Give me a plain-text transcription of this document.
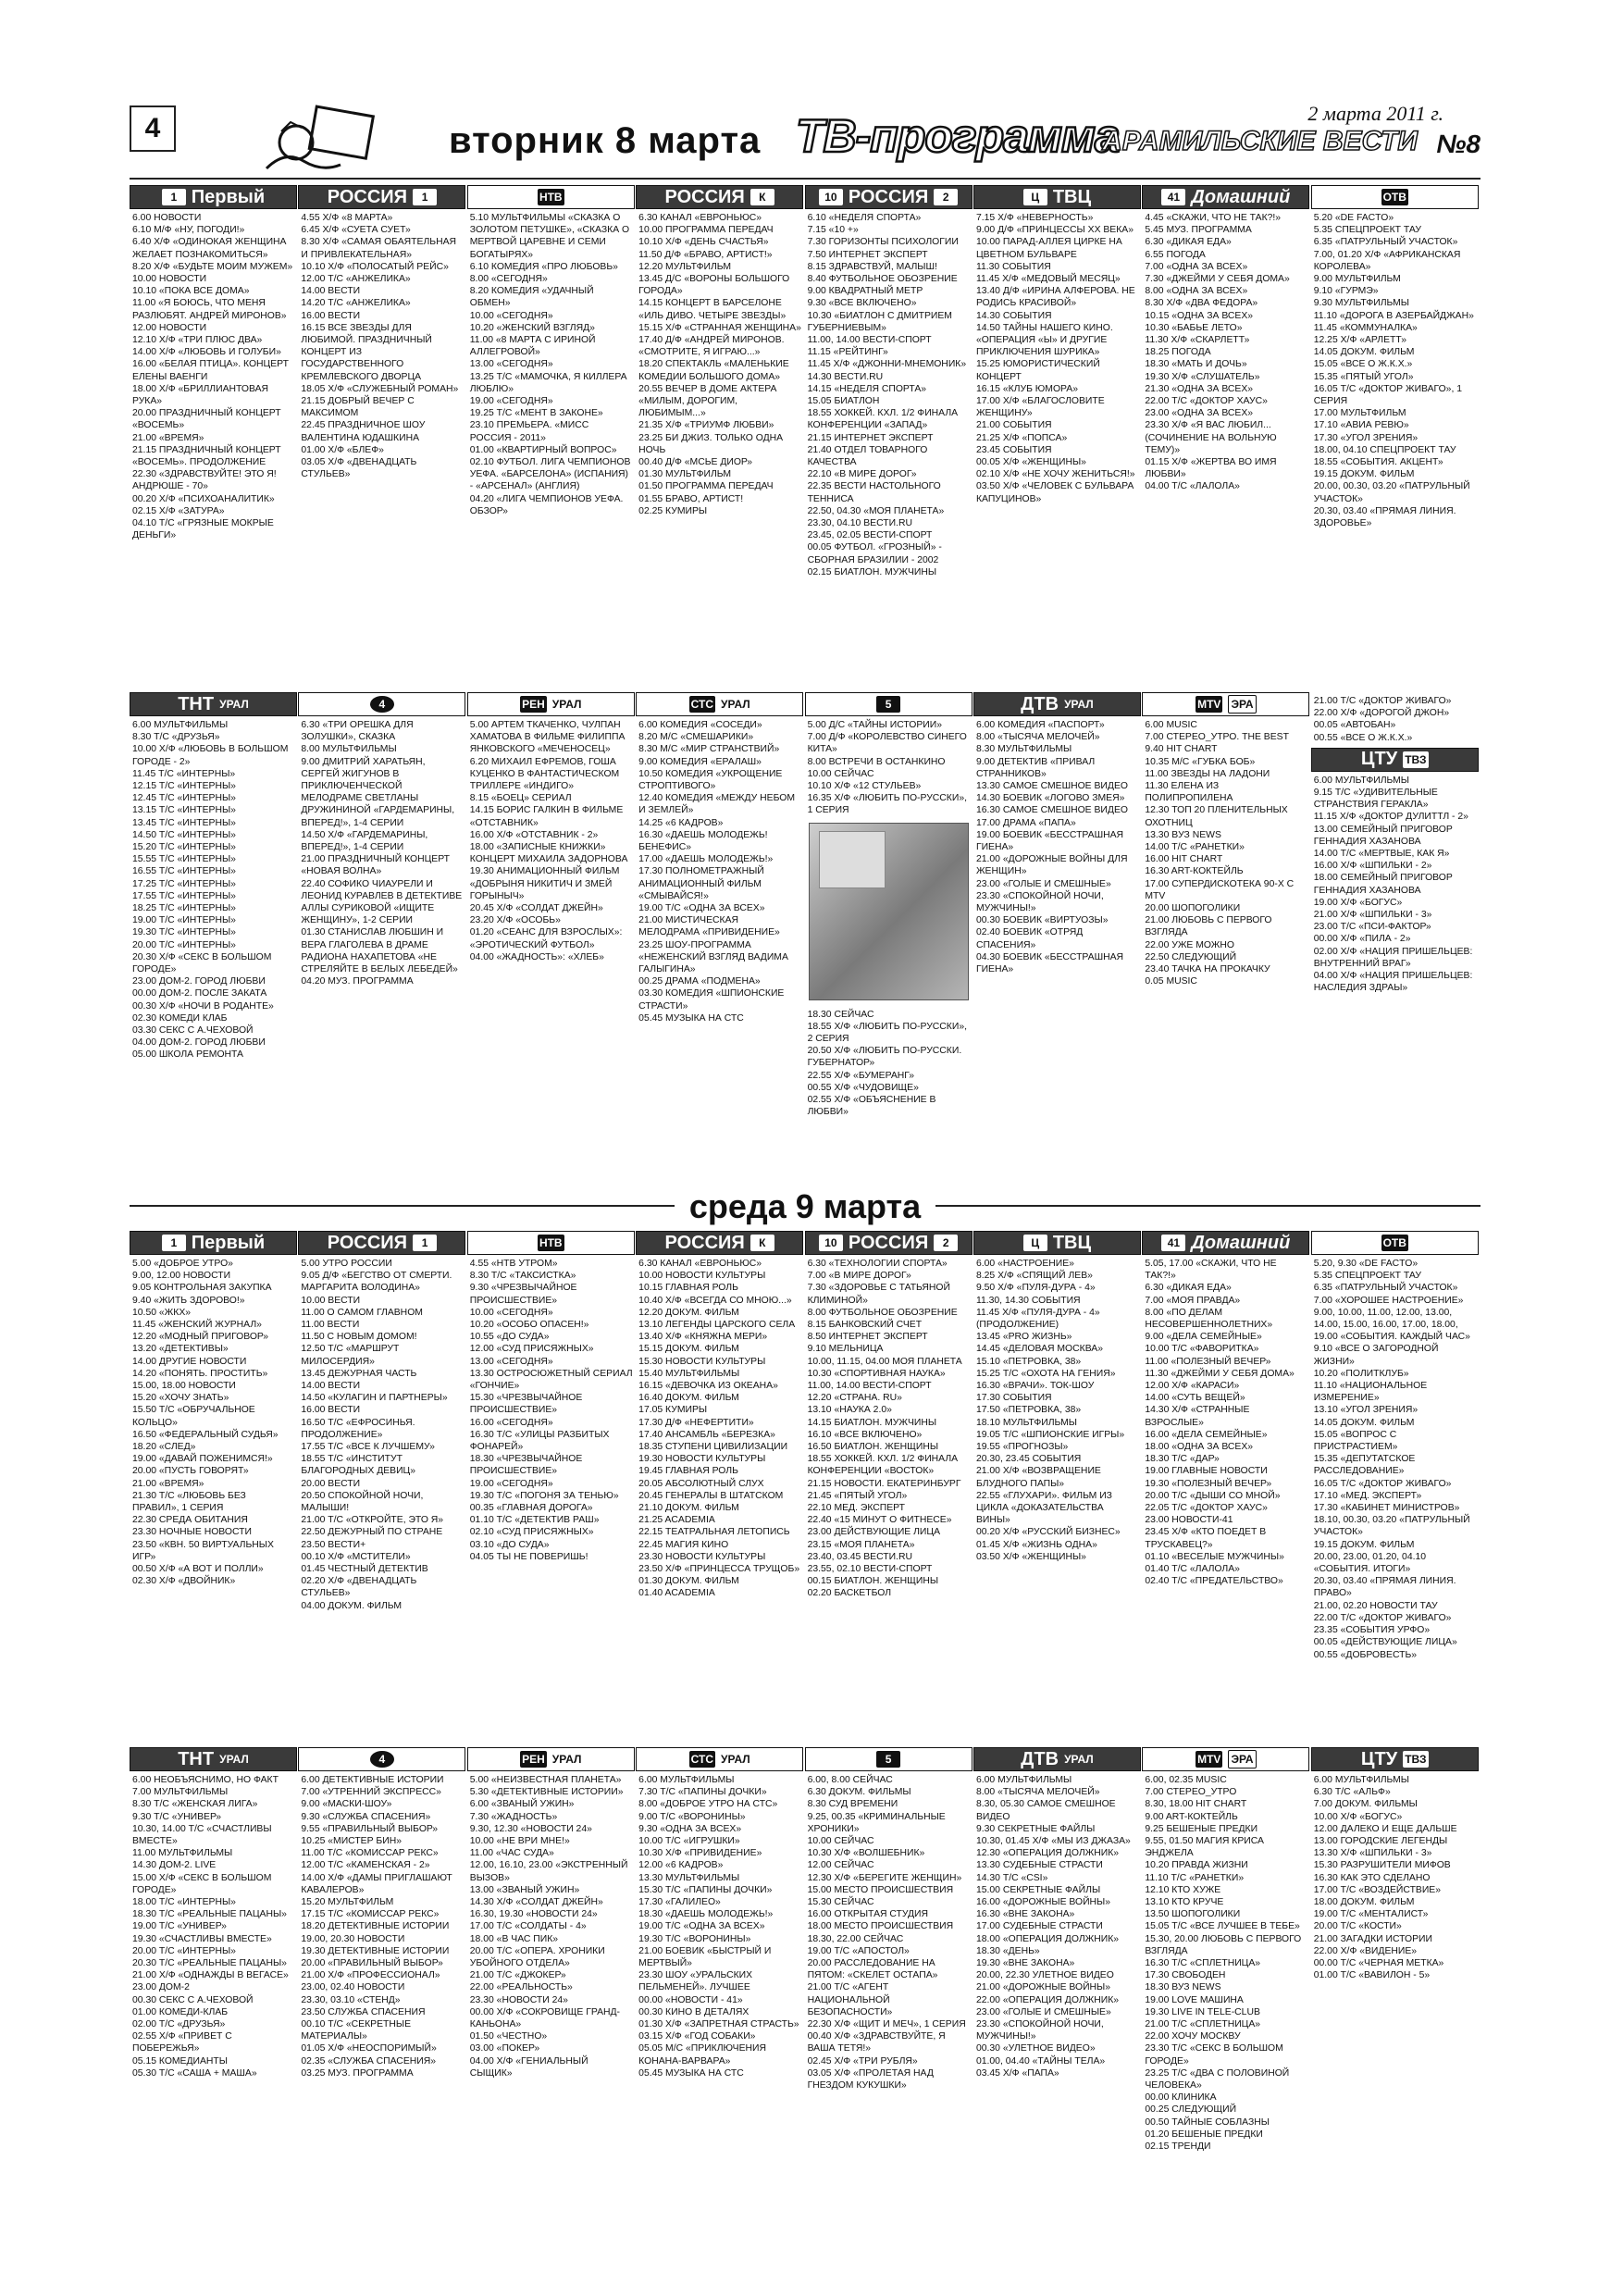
4	вторник 8 марта ТВ-программа	2 марта 2011 г.
АРАМИЛЬСКИЕ ВЕСТИ №8
1 Первый
6.00 НОВОСТИ
6.10 М/Ф «НУ, ПОГОДИ!»
6.40 Х/Ф «ОДИНОКАЯ ЖЕНЩИНА ЖЕЛАЕТ ПОЗНАКОМИТЬСЯ»
8.20 Х/Ф «БУДЬТЕ МОИМ МУЖЕМ»
10.00 НОВОСТИ
10.10 «ПОКА ВСЕ ДОМА»
11.00 «Я БОЮСЬ, ЧТО МЕНЯ РАЗЛЮБЯТ. АНДРЕЙ МИРОНОВ»
12.00 НОВОСТИ
12.10 Х/Ф «ТРИ ПЛЮС ДВА»
14.00 Х/Ф «ЛЮБОВЬ И ГОЛУБИ»
16.00 «БЕЛАЯ ПТИЦА». КОНЦЕРТ ЕЛЕНЫ ВАЕНГИ
18.00 Х/Ф «БРИЛЛИАНТОВАЯ РУКА»
20.00 ПРАЗДНИЧНЫЙ КОНЦЕРТ «ВОСЕМЬ»
21.00 «ВРЕМЯ»
21.15 ПРАЗДНИЧНЫЙ КОНЦЕРТ «ВОСЕМЬ». ПРОДОЛЖЕНИЕ
22.30 «ЗДРАВСТВУЙТЕ! ЭТО Я! АНДРЮШЕ - 70»
00.20 Х/Ф «ПСИХОАНАЛИТИК»
02.15 Х/Ф «ЗАТУРА»
04.10 Т/С «ГРЯЗНЫЕ МОКРЫЕ ДЕНЬГИ»
РОССИЯ	1
4.55 Х/Ф «8 МАРТА»
6.45 Х/Ф «СУЕТА СУЕТ»
8.30 Х/Ф «САМАЯ ОБАЯТЕЛЬНАЯ И ПРИВЛЕКАТЕЛЬНАЯ»
10.10 Х/Ф «ПОЛОСАТЫЙ РЕЙС»
12.00 Т/С «АНЖЕЛИКА»
14.00 ВЕСТИ
14.20 Т/С «АНЖЕЛИКА»
16.00 ВЕСТИ
16.15 ВСЕ ЗВЕЗДЫ ДЛЯ ЛЮБИМОЙ. ПРАЗДНИЧНЫЙ КОНЦЕРТ ИЗ ГОСУДАРСТВЕННОГО КРЕМЛЕВСКОГО ДВОРЦА
18.05 Х/Ф «СЛУЖЕБНЫЙ РОМАН»
21.15 ДОБРЫЙ ВЕЧЕР С МАКСИМОМ
22.45 ПРАЗДНИЧНОЕ ШОУ ВАЛЕНТИНА ЮДАШКИНА
01.00 Х/Ф «БЛЕФ»
03.05 Х/Ф «ДВЕНАДЦАТЬ СТУЛЬЕВ»
НТВ
5.10 МУЛЬТФИЛЬМЫ «СКАЗКА О ЗОЛОТОМ ПЕТУШКЕ», «СКАЗКА О МЕРТВОЙ ЦАРЕВНЕ И СЕМИ БОГАТЫРЯХ»
6.10 КОМЕДИЯ «ПРО ЛЮБОВЬ»
8.00 «СЕГОДНЯ»
8.20 КОМЕДИЯ «УДАЧНЫЙ ОБМЕН»
10.00 «СЕГОДНЯ»
10.20 «ЖЕНСКИЙ ВЗГЛЯД»
11.00 «8 МАРТА С ИРИНОЙ АЛЛЕГРОВОЙ»
13.00 «СЕГОДНЯ»
13.25 Т/С «МАМОЧКА, Я КИЛЛЕРА ЛЮБЛЮ»
19.00 «СЕГОДНЯ»
19.25 Т/С «МЕНТ В ЗАКОНЕ»
23.10 ПРЕМЬЕРА. «МИСС РОССИЯ - 2011»
01.00 «КВАРТИРНЫЙ ВОПРОС»
02.10 ФУТБОЛ. ЛИГА ЧЕМПИОНОВ УЕФА. «БАРСЕЛОНА» (ИСПАНИЯ) - «АРСЕНАЛ» (АНГЛИЯ)
04.20 «ЛИГА ЧЕМПИОНОВ УЕФА. ОБЗОР»
РОССИЯ	К
6.30 КАНАЛ «ЕВРОНЬЮС»
10.00 ПРОГРАММА ПЕРЕДАЧ
10.10 Х/Ф «ДЕНЬ СЧАСТЬЯ»
11.50 Д/Ф «БРАВО, АРТИСТ!»
12.20 МУЛЬТФИЛЬМ
13.45 Д/С «ВОРОНЫ БОЛЬШОГО ГОРОДА»
14.15 КОНЦЕРТ В БАРСЕЛОНЕ «ИЛЬ ДИВО. ЧЕТЫРЕ ЗВЕЗДЫ»
15.15 Х/Ф «СТРАННАЯ ЖЕНЩИНА»
17.40 Д/Ф «АНДРЕЙ МИРОНОВ. «СМОТРИТЕ, Я ИГРАЮ...»
18.20 СПЕКТАКЛЬ «МАЛЕНЬКИЕ КОМЕДИИ БОЛЬШОГО ДОМА»
20.55 ВЕЧЕР В ДОМЕ АКТЕРА «МИЛЫМ, ДОРОГИМ, ЛЮБИМЫМ...»
21.35 Х/Ф «ТРИУМФ ЛЮБВИ»
23.25 БИ ДЖИЗ. ТОЛЬКО ОДНА НОЧЬ
00.40 Д/Ф «МСЬЕ ДИОР»
01.30 МУЛЬТФИЛЬМ
01.50 ПРОГРАММА ПЕРЕДАЧ
01.55 БРАВО, АРТИСТ!
02.25 КУМИРЫ
10 РОССИЯ	2
6.10 «НЕДЕЛЯ СПОРТА»
7.15 «10 +»
7.30 ГОРИЗОНТЫ ПСИХОЛОГИИ
7.50 ИНТЕРНЕТ ЭКСПЕРТ
8.15 ЗДРАВСТВУЙ, МАЛЫШ!
8.40 ФУТБОЛЬНОЕ ОБОЗРЕНИЕ
9.00 КВАДРАТНЫЙ МЕТР
9.30 «ВСЕ ВКЛЮЧЕНО»
10.30 «БИАТЛОН С ДМИТРИЕМ ГУБЕРНИЕВЫМ»
11.00, 14.00 ВЕСТИ-СПОРТ
11.15 «РЕЙТИНГ»
11.45 Х/Ф «ДЖОННИ-МНЕМОНИК»
14.30 ВЕСТИ.RU
14.15 «НЕДЕЛЯ СПОРТА»
15.05 БИАТЛОН
18.55 ХОККЕЙ. КХЛ. 1/2 ФИНАЛА КОНФЕРЕНЦИИ «ЗАПАД»
21.15 ИНТЕРНЕТ ЭКСПЕРТ
21.40 ОТДЕЛ ТОВАРНОГО КАЧЕСТВА
22.10 «В МИРЕ ДОРОГ»
22.35 ВЕСТИ НАСТОЛЬНОГО ТЕННИСА
22.50, 04.30 «МОЯ ПЛАНЕТА»
23.30, 04.10 ВЕСТИ.RU
23.45, 02.05 ВЕСТИ-СПОРТ
00.05 ФУТБОЛ. «ГРОЗНЫЙ» - СБОРНАЯ БРАЗИЛИИ - 2002
02.15 БИАТЛОН. МУЖЧИНЫ
Ц ТВЦ
7.15 Х/Ф «НЕВЕРНОСТЬ»
9.00 Д/Ф «ПРИНЦЕССЫ XX ВЕКА»
10.00 ПАРАД-АЛЛЕЯ ЦИРКЕ НА ЦВЕТНОМ БУЛЬВАРЕ
11.30 СОБЫТИЯ
11.45 Х/Ф «МЕДОВЫЙ МЕСЯЦ»
13.40 Д/Ф «ИРИНА АЛФЕРОВА. НЕ РОДИСЬ КРАСИВОЙ»
14.30 СОБЫТИЯ
14.50 ТАЙНЫ НАШЕГО КИНО. «ОПЕРАЦИЯ «Ы» И ДРУГИЕ ПРИКЛЮЧЕНИЯ ШУРИКА»
15.25 ЮМОРИСТИЧЕСКИЙ КОНЦЕРТ
16.15 «КЛУБ ЮМОРА»
17.00 Х/Ф «БЛАГОСЛОВИТЕ ЖЕНЩИНУ»
21.00 СОБЫТИЯ
21.25 Х/Ф «ПОПСА»
23.45 СОБЫТИЯ
00.05 Х/Ф «ЖЕНЩИНЫ»
02.10 Х/Ф «НЕ ХОЧУ ЖЕНИТЬСЯ!»
03.50 Х/Ф «ЧЕЛОВЕК С БУЛЬВАРА КАПУЦИНОВ»
41 Домашний
4.45 «СКАЖИ, ЧТО НЕ ТАК?!»
5.45 МУЗ. ПРОГРАММА
6.30 «ДИКАЯ ЕДА»
6.55 ПОГОДА
7.00 «ОДНА ЗА ВСЕХ»
7.30 «ДЖЕЙМИ У СЕБЯ ДОМА»
8.00 «ОДНА ЗА ВСЕХ»
8.30 Х/Ф «ДВА ФЕДОРА»
10.15 «ОДНА ЗА ВСЕХ»
10.30 «БАБЬЕ ЛЕТО»
11.30 Х/Ф «СКАРЛЕТТ»
18.25 ПОГОДА
18.30 «МАТЬ И ДОЧЬ»
19.30 Х/Ф «СЛУШАТЕЛЬ»
21.30 «ОДНА ЗА ВСЕХ»
22.00 Т/С «ДОКТОР ХАУС»
23.00 «ОДНА ЗА ВСЕХ»
23.30 Х/Ф «Я ВАС ЛЮБИЛ... (СОЧИНЕНИЕ НА ВОЛЬНУЮ ТЕМУ)»
01.15 Х/Ф «ЖЕРТВА ВО ИМЯ ЛЮБВИ»
04.00 Т/С «ЛАЛОЛА»
ОТВ
5.20 «DE FACTO»
5.35 СПЕЦПРОЕКТ ТАУ
6.35 «ПАТРУЛЬНЫЙ УЧАСТОК»
7.00, 01.20 Х/Ф «АФРИКАНСКАЯ КОРОЛЕВА»
9.00 МУЛЬТФИЛЬМ
9.10 «ГУРМЭ»
9.30 МУЛЬТФИЛЬМЫ
11.10 «ДОРОГА В АЗЕРБАЙДЖАН»
11.45 «КОММУНАЛКА»
12.25 Х/Ф «АРЛЕТТ»
14.05 ДОКУМ. ФИЛЬМ
15.05 «ВСЕ О Ж.К.Х.»
15.35 «ПЯТЫЙ УГОЛ»
16.05 Т/С «ДОКТОР ЖИВАГО», 1 СЕРИЯ
17.00 МУЛЬТФИЛЬМ
17.10 «АВИА РЕВЮ»
17.30 «УГОЛ ЗРЕНИЯ»
18.00, 04.10 СПЕЦПРОЕКТ ТАУ
18.55 «СОБЫТИЯ. АКЦЕНТ»
19.15 ДОКУМ. ФИЛЬМ
20.00, 00.30, 03.20 «ПАТРУЛЬНЫЙ УЧАСТОК»
20.30, 03.40 «ПРЯМАЯ ЛИНИЯ. ЗДОРОВЬЕ»
ТНТ УРАЛ
6.00 МУЛЬТФИЛЬМЫ
8.30 Т/С «ДРУЗЬЯ»
10.00 Х/Ф «ЛЮБОВЬ В БОЛЬШОМ ГОРОДЕ - 2»
11.45 Т/С «ИНТЕРНЫ»
12.15 Т/С «ИНТЕРНЫ»
12.45 Т/С «ИНТЕРНЫ»
13.15 Т/С «ИНТЕРНЫ»
13.45 Т/С «ИНТЕРНЫ»
14.50 Т/С «ИНТЕРНЫ»
15.20 Т/С «ИНТЕРНЫ»
15.55 Т/С «ИНТЕРНЫ»
16.55 Т/С «ИНТЕРНЫ»
17.25 Т/С «ИНТЕРНЫ»
17.55 Т/С «ИНТЕРНЫ»
18.25 Т/С «ИНТЕРНЫ»
19.00 Т/С «ИНТЕРНЫ»
19.30 Т/С «ИНТЕРНЫ»
20.00 Т/С «ИНТЕРНЫ»
20.30 Х/Ф «СЕКС В БОЛЬШОМ ГОРОДЕ»
23.00 ДОМ-2. ГОРОД ЛЮБВИ
00.00 ДОМ-2. ПОСЛЕ ЗАКАТА
00.30 Х/Ф «НОЧИ В РОДАНТЕ»
02.30 КОМЕДИ КЛАБ
03.30 СЕКС С А.ЧЕХОВОЙ
04.00 ДОМ-2. ГОРОД ЛЮБВИ
05.00 ШКОЛА РЕМОНТА
4
6.30 «ТРИ ОРЕШКА ДЛЯ ЗОЛУШКИ», СКАЗКА
8.00 МУЛЬТФИЛЬМЫ
9.00 ДМИТРИЙ ХАРАТЬЯН, СЕРГЕЙ ЖИГУНОВ В ПРИКЛЮЧЕНЧЕСКОЙ МЕЛОДРАМЕ СВЕТЛАНЫ ДРУЖИНИНОЙ «ГАРДЕМАРИНЫ, ВПЕРЕД!», 1-4 СЕРИИ
14.50 Х/Ф «ГАРДЕМАРИНЫ, ВПЕРЕД!», 1-4 СЕРИИ
21.00 ПРАЗДНИЧНЫЙ КОНЦЕРТ «НОВАЯ ВОЛНА»
22.40 СОФИКО ЧИАУРЕЛИ И ЛЕОНИД КУРАВЛЕВ В ДЕТЕКТИВЕ АЛЛЫ СУРИКОВОЙ «ИЩИТЕ ЖЕНЩИНУ», 1-2 СЕРИИ
01.30 СТАНИСЛАВ ЛЮБШИН И ВЕРА ГЛАГОЛЕВА В ДРАМЕ РАДИОНА НАХАПЕТОВА «НЕ СТРЕЛЯЙТЕ В БЕЛЫХ ЛЕБЕДЕЙ»
04.20 МУЗ. ПРОГРАММА
РЕН УРАЛ
5.00 АРТЕМ ТКАЧЕНКО, ЧУЛПАН ХАМАТОВА В ФИЛЬМЕ ФИЛИППА ЯНКОВСКОГО «МЕЧЕНОСЕЦ»
6.20 МИХАИЛ ЕФРЕМОВ, ГОША КУЦЕНКО В ФАНТАСТИЧЕСКОМ ТРИЛЛЕРЕ «ИНДИГО»
8.15 «БОЕЦ» СЕРИАЛ
14.15 БОРИС ГАЛКИН В ФИЛЬМЕ «ОТСТАВНИК»
16.00 Х/Ф «ОТСТАВНИК - 2»
18.00 «ЗАПИСНЫЕ КНИЖКИ» КОНЦЕРТ МИХАИЛА ЗАДОРНОВА
19.30 АНИМАЦИОННЫЙ ФИЛЬМ «ДОБРЫНЯ НИКИТИЧ И ЗМЕЙ ГОРЫНЫЧ»
20.45 Х/Ф «СОЛДАТ ДЖЕЙН»
23.20 Х/Ф «ОСОБЬ»
01.20 «СЕАНС ДЛЯ ВЗРОСЛЫХ»: «ЭРОТИЧЕСКИЙ ФУТБОЛ»
04.00 «ЖАДНОСТЬ»: «ХЛЕБ»
СТС УРАЛ
6.00 КОМЕДИЯ «СОСЕДИ»
8.20 М/С «СМЕШАРИКИ»
8.30 М/С «МИР СТРАНСТВИЙ»
9.00 КОМЕДИЯ «ЕРАЛАШ»
10.50 КОМЕДИЯ «УКРОЩЕНИЕ СТРОПТИВОГО»
12.40 КОМЕДИЯ «МЕЖДУ НЕБОМ И ЗЕМЛЕЙ»
14.25 «6 КАДРОВ»
16.30 «ДАЕШЬ МОЛОДЕЖЬ! БЕНЕФИС»
17.00 «ДАЕШЬ МОЛОДЕЖЬ!»
17.30 ПОЛНОМЕТРАЖНЫЙ АНИМАЦИОННЫЙ ФИЛЬМ «СМЫВАЙСЯ!»
19.00 Т/С «ОДНА ЗА ВСЕХ»
21.00 МИСТИЧЕСКАЯ МЕЛОДРАМА «ПРИВИДЕНИЕ»
23.25 ШОУ-ПРОГРАММА «НЕЖЕНСКИЙ ВЗГЛЯД ВАДИМА ГАЛЫГИНА»
00.25 ДРАМА «ПОДМЕНА»
03.30 КОМЕДИЯ «ШПИОНСКИЕ СТРАСТИ»
05.45 МУЗЫКА НА СТС
5
5.00 Д/С «ТАЙНЫ ИСТОРИИ»
7.00 Д/Ф «КОРОЛЕВСТВО СИНЕГО КИТА»
8.00 ВСТРЕЧИ В ОСТАНКИНО
10.00 СЕЙЧАС
10.10 Х/Ф «12 СТУЛЬЕВ»
16.35 Х/Ф «ЛЮБИТЬ ПО-РУССКИ», 1 СЕРИЯ
18.30 СЕЙЧАС
18.55 Х/Ф «ЛЮБИТЬ ПО-РУССКИ», 2 СЕРИЯ
20.50 Х/Ф «ЛЮБИТЬ ПО-РУССКИ. ГУБЕРНАТОР»
22.55 Х/Ф «БУМЕРАНГ»
00.55 Х/Ф «ЧУДОВИЩЕ»
02.55 Х/Ф «ОБЪЯСНЕНИЕ В ЛЮБВИ»
ДТВ УРАЛ
6.00 КОМЕДИЯ «ПАСПОРТ»
8.00 «ТЫСЯЧА МЕЛОЧЕЙ»
8.30 МУЛЬТФИЛЬМЫ
9.00 ДЕТЕКТИВ «ПРИВАЛ СТРАННИКОВ»
13.30 САМОЕ СМЕШНОЕ ВИДЕО
14.30 БОЕВИК «ЛОГОВО ЗМЕЯ»
16.30 САМОЕ СМЕШНОЕ ВИДЕО
17.00 ДРАМА «ПАПА»
19.00 БОЕВИК «БЕССТРАШНАЯ ГИЕНА»
21.00 «ДОРОЖНЫЕ ВОЙНЫ ДЛЯ ЖЕНЩИН»
23.00 «ГОЛЫЕ И СМЕШНЫЕ»
23.30 «СПОКОЙНОЙ НОЧИ, МУЖЧИНЫ!»
00.30 БОЕВИК «ВИРТУОЗЫ»
02.40 БОЕВИК «ОТРЯД СПАСЕНИЯ»
04.30 БОЕВИК «БЕССТРАШНАЯ ГИЕНА»
MTV ЭРА
6.00 MUSIC
7.00 СТЕРЕО_УТРО. THE BEST
9.40 HIT CHART
10.35 М/С «ГУБКА БОБ»
11.00 ЗВЕЗДЫ НА ЛАДОНИ
11.30 ЕЛЕНА ИЗ ПОЛИПРОПИЛЕНА
12.30 ТОП 20 ПЛЕНИТЕЛЬНЫХ ОХОТНИЦ
13.30 BУЗ NEWS
14.00 Т/С «РАНЕТКИ»
16.00 HIT CHART
16.30 ART-КОКТЕЙЛЬ
17.00 СУПЕРДИСКОТЕКА 90-Х С MTV
20.00 ШОПОГОЛИКИ
21.00 ЛЮБОВЬ С ПЕРВОГО ВЗГЛЯДА
22.00 УЖЕ МОЖНО
22.50 СЛЕДУЮЩИЙ
23.40 ТАЧКА НА ПРОКАЧКУ
0.05 MUSIC
21.00 Т/С «ДОКТОР ЖИВАГО»
22.00 Х/Ф «ДОРОГОЙ ДЖОН»
00.05 «АВТОБАН»
00.55 «ВСЕ О Ж.К.Х.»
ЦТУ ТВЗ
6.00 МУЛЬТФИЛЬМЫ
9.15 Т/С «УДИВИТЕЛЬНЫЕ СТРАНСТВИЯ ГЕРАКЛА»
11.15 Х/Ф «ДОКТОР ДУЛИТТЛ - 2»
13.00 СЕМЕЙНЫЙ ПРИГОВОР ГЕННАДИЯ ХАЗАНОВА
14.00 Т/С «МЕРТВЫЕ, КАК Я»
16.00 Х/Ф «ШПИЛЬКИ - 2»
18.00 СЕМЕЙНЫЙ ПРИГОВОР ГЕННАДИЯ ХАЗАНОВА
19.00 Х/Ф «БОГУС»
21.00 Х/Ф «ШПИЛЬКИ - 3»
23.00 Т/С «ПСИ-ФАКТОР»
00.00 Х/Ф «ПИЛА - 2»
02.00 Х/Ф «НАЦИЯ ПРИШЕЛЬЦЕВ: ВНУТРЕННИЙ ВРАГ»
04.00 Х/Ф «НАЦИЯ ПРИШЕЛЬЦЕВ: НАСЛЕДИЯ ЗДРАЫ»
среда 9 марта
1 Первый
5.00 «ДОБРОЕ УТРО»
9.00, 12.00 НОВОСТИ
9.05 КОНТРОЛЬНАЯ ЗАКУПКА
9.40 «ЖИТЬ ЗДОРОВО!»
10.50 «ЖКХ»
11.45 «ЖЕНСКИЙ ЖУРНАЛ»
12.20 «МОДНЫЙ ПРИГОВОР»
13.20 «ДЕТЕКТИВЫ»
14.00 ДРУГИЕ НОВОСТИ
14.20 «ПОНЯТЬ. ПРОСТИТЬ»
15.00, 18.00 НОВОСТИ
15.20 «ХОЧУ ЗНАТЬ»
15.50 Т/С «ОБРУЧАЛЬНОЕ КОЛЬЦО»
16.50 «ФЕДЕРАЛЬНЫЙ СУДЬЯ»
18.20 «СЛЕД»
19.00 «ДАВАЙ ПОЖЕНИМСЯ!»
20.00 «ПУСТЬ ГОВОРЯТ»
21.00 «ВРЕМЯ»
21.30 Т/С «ЛЮБОВЬ БЕЗ ПРАВИЛ», 1 СЕРИЯ
22.30 СРЕДА ОБИТАНИЯ
23.30 НОЧНЫЕ НОВОСТИ
23.50 «КВН. 50 ВИРТУАЛЬНЫХ ИГР»
00.50 Х/Ф «А ВОТ И ПОЛЛИ»
02.30 Х/Ф «ДВОЙНИК»
РОССИЯ	1
5.00 УТРО РОССИИ
9.05 Д/Ф «БЕГСТВО ОТ СМЕРТИ. МАРГАРИТА ВОЛОДИНА»
10.00 ВЕСТИ
11.00 О САМОМ ГЛАВНОМ
11.00 ВЕСТИ
11.50 С НОВЫМ ДОМОМ!
12.50 Т/С «МАРШРУТ МИЛОСЕРДИЯ»
13.45 ДЕЖУРНАЯ ЧАСТЬ
14.00 ВЕСТИ
14.50 «КУЛАГИН И ПАРТНЕРЫ»
16.00 ВЕСТИ
16.50 Т/С «ЕФРОСИНЬЯ. ПРОДОЛЖЕНИЕ»
17.55 Т/С «ВСЕ К ЛУЧШЕМУ»
18.55 Т/С «ИНСТИТУТ БЛАГОРОДНЫХ ДЕВИЦ»
20.00 ВЕСТИ
20.50 СПОКОЙНОЙ НОЧИ, МАЛЫШИ!
21.00 Т/С «ОТКРОЙТЕ, ЭТО Я»
22.50 ДЕЖУРНЫЙ ПО СТРАНЕ
23.50 ВЕСТИ+
00.10 Х/Ф «МСТИТЕЛИ»
01.45 ЧЕСТНЫЙ ДЕТЕКТИВ
02.20 Х/Ф «ДВЕНАДЦАТЬ СТУЛЬЕВ»
04.00 ДОКУМ. ФИЛЬМ
НТВ
4.55 «НТВ УТРОМ»
8.30 Т/С «ТАКСИСТКА»
9.30 «ЧРЕЗВЫЧАЙНОЕ ПРОИСШЕСТВИЕ»
10.00 «СЕГОДНЯ»
10.20 «ОСОБО ОПАСЕН!»
10.55 «ДО СУДА»
12.00 «СУД ПРИСЯЖНЫХ»
13.00 «СЕГОДНЯ»
13.30 ОСТРОСЮЖЕТНЫЙ СЕРИАЛ «ГОНЧИЕ»
15.30 «ЧРЕЗВЫЧАЙНОЕ ПРОИСШЕСТВИЕ»
16.00 «СЕГОДНЯ»
16.30 Т/С «УЛИЦЫ РАЗБИТЫХ ФОНАРЕЙ»
18.30 «ЧРЕЗВЫЧАЙНОЕ ПРОИСШЕСТВИЕ»
19.00 «СЕГОДНЯ»
19.30 Т/С «ПОГОНЯ ЗА ТЕНЬЮ»
00.35 «ГЛАВНАЯ ДОРОГА»
01.10 Т/С «ДЕТЕКТИВ РАШ»
02.10 «СУД ПРИСЯЖНЫХ»
03.10 «ДО СУДА»
04.05 ТЫ НЕ ПОВЕРИШЬ!
РОССИЯ	К
6.30 КАНАЛ «ЕВРОНЬЮС»
10.00 НОВОСТИ КУЛЬТУРЫ
10.15 ГЛАВНАЯ РОЛЬ
10.40 Х/Ф «ВСЕГДА СО МНОЮ...»
12.20 ДОКУМ. ФИЛЬМ
13.10 ЛЕГЕНДЫ ЦАРСКОГО СЕЛА
13.40 Х/Ф «КНЯЖНА МЕРИ»
15.15 ДОКУМ. ФИЛЬМ
15.30 НОВОСТИ КУЛЬТУРЫ
15.40 МУЛЬТФИЛЬМЫ
16.15 «ДЕВОЧКА ИЗ ОКЕАНА»
16.40 ДОКУМ. ФИЛЬМ
17.05 КУМИРЫ
17.30 Д/Ф «НЕФЕРТИТИ»
17.40 АНСАМБЛЬ «БЕРЕЗКА»
18.35 СТУПЕНИ ЦИВИЛИЗАЦИИ
19.30 НОВОСТИ КУЛЬТУРЫ
19.45 ГЛАВНАЯ РОЛЬ
20.05 АБСОЛЮТНЫЙ СЛУХ
20.45 ГЕНЕРАЛЫ В ШТАТСКОМ
21.10 ДОКУМ. ФИЛЬМ
21.25 ACADEMIA
22.15 ТЕАТРАЛЬНАЯ ЛЕТОПИСЬ
22.45 МАГИЯ КИНО
23.30 НОВОСТИ КУЛЬТУРЫ
23.50 Х/Ф «ПРИНЦЕССА ТРУЩОБ»
01.30 ДОКУМ. ФИЛЬМ
01.40 ACADEMIA
10 РОССИЯ	2
6.30 «ТЕХНОЛОГИИ СПОРТА»
7.00 «В МИРЕ ДОРОГ»
7.30 «ЗДОРОВЬЕ С ТАТЬЯНОЙ КЛИМИНОЙ»
8.00 ФУТБОЛЬНОЕ ОБОЗРЕНИЕ
8.15 БАНКОВСКИЙ СЧЕТ
8.50 ИНТЕРНЕТ ЭКСПЕРТ
9.10 МЕЛЬНИЦА
10.00, 11.15, 04.00 МОЯ ПЛАНЕТА
10.30 «СПОРТИВНАЯ НАУКА»
11.00, 14.00 ВЕСТИ-СПОРТ
12.20 «СТРАНА. RU»
13.10 «НАУКА 2.0»
14.15 БИАТЛОН. МУЖЧИНЫ
16.10 «ВСЕ ВКЛЮЧЕНО»
16.50 БИАТЛОН. ЖЕНЩИНЫ
18.55 ХОККЕЙ. КХЛ. 1/2 ФИНАЛА КОНФЕРЕНЦИИ «ВОСТОК»
21.15 НОВОСТИ. ЕКАТЕРИНБУРГ
21.45 «ПЯТЫЙ УГОЛ»
22.10 МЕД. ЭКСПЕРТ
22.40 «15 МИНУТ О ФИТНЕСЕ»
23.00 ДЕЙСТВУЮЩИЕ ЛИЦА
23.15 «МОЯ ПЛАНЕТА»
23.40, 03.45 ВЕСТИ.RU
23.55, 02.10 ВЕСТИ-СПОРТ
00.15 БИАТЛОН. ЖЕНЩИНЫ
02.20 БАСКЕТБОЛ
Ц ТВЦ
6.00 «НАСТРОЕНИЕ»
8.25 Х/Ф «СПЯЩИЙ ЛЕВ»
9.50 Х/Ф «ПУЛЯ-ДУРА - 4»
11.30, 14.30 СОБЫТИЯ
11.45 Х/Ф «ПУЛЯ-ДУРА - 4» (ПРОДОЛЖЕНИЕ)
13.45 «PRO ЖИЗНЬ»
14.45 «ДЕЛОВАЯ МОСКВА»
15.10 «ПЕТРОВКА, 38»
15.25 Т/С «ОХОТА НА ГЕНИЯ»
16.30 «ВРАЧИ». ТОК-ШОУ
17.30 СОБЫТИЯ
17.50 «ПЕТРОВКА, 38»
18.10 МУЛЬТФИЛЬМЫ
19.05 Т/С «ШПИОНСКИЕ ИГРЫ»
19.55 «ПРОГНОЗЫ»
20.30, 23.45 СОБЫТИЯ
21.00 Х/Ф «ВОЗВРАЩЕНИЕ БЛУДНОГО ПАПЫ»
22.55 «ГЛУХАРИ». ФИЛЬМ ИЗ ЦИКЛА «ДОКАЗАТЕЛЬСТВА ВИНЫ»
00.20 Х/Ф «РУССКИЙ БИЗНЕС»
01.45 Х/Ф «ЖИЗНЬ ОДНА»
03.50 Х/Ф «ЖЕНЩИНЫ»
41 Домашний
5.05, 17.00 «СКАЖИ, ЧТО НЕ ТАК?!»
6.30 «ДИКАЯ ЕДА»
7.00 «МОЯ ПРАВДА»
8.00 «ПО ДЕЛАМ НЕСОВЕРШЕННОЛЕТНИХ»
9.00 «ДЕЛА СЕМЕЙНЫЕ»
10.00 Т/С «ФАВОРИТКА»
11.00 «ПОЛЕЗНЫЙ ВЕЧЕР»
11.30 «ДЖЕЙМИ У СЕБЯ ДОМА»
12.00 Х/Ф «КАРАСИ»
14.00 «СУТЬ ВЕЩЕЙ»
14.30 Х/Ф «СТРАННЫЕ ВЗРОСЛЫЕ»
16.00 «ДЕЛА СЕМЕЙНЫЕ»
18.00 «ОДНА ЗА ВСЕХ»
18.30 Т/С «ДАР»
19.00 ГЛАВНЫЕ НОВОСТИ
19.30 «ПОЛЕЗНЫЙ ВЕЧЕР»
20.00 Т/С «ДЫШИ СО МНОЙ»
22.05 Т/С «ДОКТОР ХАУС»
23.00 НОВОСТИ-41
23.45 Х/Ф «КТО ПОЕДЕТ В ТРУСКАВЕЦ?»
01.10 «ВЕСЕЛЫЕ МУЖЧИНЫ»
01.40 Т/С «ЛАЛОЛА»
02.40 Т/С «ПРЕДАТЕЛЬСТВО»
ОТВ
5.20, 9.30 «DE FACTO»
5.35 СПЕЦПРОЕКТ ТАУ
6.35 «ПАТРУЛЬНЫЙ УЧАСТОК»
7.00 «ХОРОШЕЕ НАСТРОЕНИЕ»
9.00, 10.00, 11.00, 12.00, 13.00, 14.00, 15.00, 16.00, 17.00, 18.00, 19.00 «СОБЫТИЯ. КАЖДЫЙ ЧАС»
9.10 «ВСЕ О ЗАГОРОДНОЙ ЖИЗНИ»
10.20 «ПОЛИТКЛУБ»
11.10 «НАЦИОНАЛЬНОЕ ИЗМЕРЕНИЕ»
13.10 «УГОЛ ЗРЕНИЯ»
14.05 ДОКУМ. ФИЛЬМ
15.05 «ВОПРОС С ПРИСТРАСТИЕМ»
15.35 «ДЕПУТАТСКОЕ РАССЛЕДОВАНИЕ»
16.05 Т/С «ДОКТОР ЖИВАГО»
17.10 «МЕД. ЭКСПЕРТ»
17.30 «КАБИНЕТ МИНИСТРОВ»
18.10, 00.30, 03.20 «ПАТРУЛЬНЫЙ УЧАСТОК»
19.15 ДОКУМ. ФИЛЬМ
20.00, 23.00, 01.20, 04.10 «СОБЫТИЯ. ИТОГИ»
20.30, 03.40 «ПРЯМАЯ ЛИНИЯ. ПРАВО»
21.00, 02.20 НОВОСТИ ТАУ
22.00 Т/С «ДОКТОР ЖИВАГО»
23.35 «СОБЫТИЯ УРФО»
00.05 «ДЕЙСТВУЮЩИЕ ЛИЦА»
00.55 «ДОБРОВЕСТЬ»
ТНТ УРАЛ
6.00 НЕОБЪЯСНИМО, НО ФАКТ
7.00 МУЛЬТФИЛЬМЫ
8.30 Т/С «ЖЕНСКАЯ ЛИГА»
9.30 Т/С «УНИВЕР»
10.30, 14.00 Т/С «СЧАСТЛИВЫ ВМЕСТЕ»
11.00 МУЛЬТФИЛЬМЫ
14.30 ДОМ-2. LIVE
15.00 Х/Ф «СЕКС В БОЛЬШОМ ГОРОДЕ»
18.00 Т/С «ИНТЕРНЫ»
18.30 Т/С «РЕАЛЬНЫЕ ПАЦАНЫ»
19.00 Т/С «УНИВЕР»
19.30 «СЧАСТЛИВЫ ВМЕСТЕ»
20.00 Т/С «ИНТЕРНЫ»
20.30 Т/С «РЕАЛЬНЫЕ ПАЦАНЫ»
21.00 Х/Ф «ОДНАЖДЫ В ВЕГАСЕ»
23.00 ДОМ-2
00.30 СЕКС С А.ЧЕХОВОЙ
01.00 КОМЕДИ-КЛАБ
02.00 Т/С «ДРУЗЬЯ»
02.55 Х/Ф «ПРИВЕТ С ПОБЕРЕЖЬЯ»
05.15 КОМЕДИАНТЫ
05.30 Т/С «САША + МАША»
4
6.00 ДЕТЕКТИВНЫЕ ИСТОРИИ
7.00 «УТРЕННИЙ ЭКСПРЕСС»
9.00 «МАСКИ-ШОУ»
9.30 «СЛУЖБА СПАСЕНИЯ»
9.55 «ПРАВИЛЬНЫЙ ВЫБОР»
10.25 «МИСТЕР БИН»
11.00 Т/С «КОМИССАР РЕКС»
12.00 Т/С «КАМЕНСКАЯ - 2»
14.00 Х/Ф «ДАМЫ ПРИГЛАШАЮТ КАВАЛЕРОВ»
15.20 МУЛЬТФИЛЬМ
17.15 Т/С «КОМИССАР РЕКС»
18.20 ДЕТЕКТИВНЫЕ ИСТОРИИ
19.00, 20.30 НОВОСТИ
19.30 ДЕТЕКТИВНЫЕ ИСТОРИИ
20.00 «ПРАВИЛЬНЫЙ ВЫБОР»
21.00 Х/Ф «ПРОФЕССИОНАЛ»
23.00, 02.40 НОВОСТИ
23.30, 03.10 «СТЕНД»
23.50 СЛУЖБА СПАСЕНИЯ
00.10 Т/С «СЕКРЕТНЫЕ МАТЕРИАЛЫ»
01.05 Х/Ф «НЕОСПОРИМЫЙ»
02.35 «СЛУЖБА СПАСЕНИЯ»
03.25 МУЗ. ПРОГРАММА
РЕН УРАЛ
5.00 «НЕИЗВЕСТНАЯ ПЛАНЕТА»
5.30 «ДЕТЕКТИВНЫЕ ИСТОРИИ»
6.00 «ЗВАНЫЙ УЖИН»
7.30 «ЖАДНОСТЬ»
9.30, 12.30 «НОВОСТИ 24»
10.00 «НЕ ВРИ МНЕ!»
11.00 «ЧАС СУДА»
12.00, 16.10, 23.00 «ЭКСТРЕННЫЙ ВЫЗОВ»
13.00 «ЗВАНЫЙ УЖИН»
14.30 Х/Ф «СОЛДАТ ДЖЕЙН»
16.30, 19.30 «НОВОСТИ 24»
17.00 Т/С «СОЛДАТЫ - 4»
18.00 «В ЧАС ПИК»
20.00 Т/С «ОПЕРА. ХРОНИКИ УБОЙНОГО ОТДЕЛА»
21.00 Т/С «ДЖОКЕР»
22.00 «РЕАЛЬНОСТЬ»
23.30 «НОВОСТИ 24»
00.00 Х/Ф «СОКРОВИЩЕ ГРАНД-КАНЬОНА»
01.50 «ЧЕСТНО»
03.00 «ПОКЕР»
04.00 Х/Ф «ГЕНИАЛЬНЫЙ СЫЩИК»
СТС УРАЛ
6.00 МУЛЬТФИЛЬМЫ
7.30 Т/С «ПАПИНЫ ДОЧКИ»
8.00 «ДОБРОЕ УТРО НА СТС»
9.00 Т/С «ВОРОНИНЫ»
9.30 «ОДНА ЗА ВСЕХ»
10.00 Т/С «ИГРУШКИ»
10.30 Х/Ф «ПРИВИДЕНИЕ»
12.00 «6 КАДРОВ»
13.30 МУЛЬТФИЛЬМЫ
15.30 Т/С «ПАПИНЫ ДОЧКИ»
17.30 «ГАЛИЛЕО»
18.30 «ДАЕШЬ МОЛОДЕЖЬ!»
19.00 Т/С «ОДНА ЗА ВСЕХ»
19.30 Т/С «ВОРОНИНЫ»
21.00 БОЕВИК «БЫСТРЫЙ И МЕРТВЫЙ»
23.30 ШОУ «УРАЛЬСКИХ ПЕЛЬМЕНЕЙ». ЛУЧШЕЕ
00.00 «НОВОСТИ - 41»
00.30 КИНО В ДЕТАЛЯХ
01.30 Х/Ф «ЗАПРЕТНАЯ СТРАСТЬ»
03.15 Х/Ф «ГОД СОБАКИ»
05.05 М/С «ПРИКЛЮЧЕНИЯ КОНАНА-ВАРВАРА»
05.45 МУЗЫКА НА СТС
5
6.00, 8.00 СЕЙЧАС
6.30 ДОКУМ. ФИЛЬМЫ
8.30 СУД ВРЕМЕНИ
9.25, 00.35 «КРИМИНАЛЬНЫЕ ХРОНИКИ»
10.00 СЕЙЧАС
10.30 Х/Ф «ВОЛШЕБНИК»
12.00 СЕЙЧАС
12.30 Х/Ф «БЕРЕГИТЕ ЖЕНЩИН»
15.00 МЕСТО ПРОИСШЕСТВИЯ
15.30 СЕЙЧАС
16.00 ОТКРЫТАЯ СТУДИЯ
18.00 МЕСТО ПРОИСШЕСТВИЯ
18.30, 22.00 СЕЙЧАС
19.00 Т/С «АПОСТОЛ»
20.00 РАССЛЕДОВАНИЕ НА ПЯТОМ: «СКЕЛЕТ ОСТАПА»
21.00 Т/С «АГЕНТ НАЦИОНАЛЬНОЙ БЕЗОПАСНОСТИ»
22.30 Х/Ф «ЩИТ И МЕЧ», 1 СЕРИЯ
00.40 Х/Ф «ЗДРАВСТВУЙТЕ, Я ВАША ТЕТЯ!»
02.45 Х/Ф «ТРИ РУБЛЯ»
03.05 Х/Ф «ПРОЛЕТАЯ НАД ГНЕЗДОМ КУКУШКИ»
ДТВ УРАЛ
6.00 МУЛЬТФИЛЬМЫ
8.00 «ТЫСЯЧА МЕЛОЧЕЙ»
8.30, 05.30 САМОЕ СМЕШНОЕ ВИДЕО
9.30 СЕКРЕТНЫЕ ФАЙЛЫ
10.30, 01.45 Х/Ф «МЫ ИЗ ДЖАЗА»
12.30 «ОПЕРАЦИЯ ДОЛЖНИК»
13.30 СУДЕБНЫЕ СТРАСТИ
14.30 Т/С «CSI»
15.00 СЕКРЕТНЫЕ ФАЙЛЫ
16.00 «ДОРОЖНЫЕ ВОЙНЫ»
16.30 «ВНЕ ЗАКОНА»
17.00 СУДЕБНЫЕ СТРАСТИ
18.00 «ОПЕРАЦИЯ ДОЛЖНИК»
18.30 «ДЕНЬ»
19.30 «ВНЕ ЗАКОНА»
20.00, 22.30 УЛЕТНОЕ ВИДЕО
21.00 «ДОРОЖНЫЕ ВОЙНЫ»
22.00 «ОПЕРАЦИЯ ДОЛЖНИК»
23.00 «ГОЛЫЕ И СМЕШНЫЕ»
23.30 «СПОКОЙНОЙ НОЧИ, МУЖЧИНЫ!»
00.30 «УЛЕТНОЕ ВИДЕО»
01.00, 04.40 «ТАЙНЫ ТЕЛА»
03.45 Х/Ф «ПАПА»
MTV ЭРА
6.00, 02.35 MUSIC
7.00 СТЕРЕО_УТРО
8.30, 18.00 HIT CHART
9.00 ART-КОКТЕЙЛЬ
9.25 БЕШЕНЫЕ ПРЕДКИ
9.55, 01.50 МАГИЯ КРИСА ЭНДЖЕЛА
10.20 ПРАВДА ЖИЗНИ
11.10 Т/С «РАНЕТКИ»
12.10 КТО ХУЖЕ
13.10 КТО КРУЧЕ
13.50 ШОПОГОЛИКИ
15.05 Т/С «ВСЕ ЛУЧШЕЕ В ТЕБЕ»
15.30, 20.00 ЛЮБОВЬ С ПЕРВОГО ВЗГЛЯДА
16.30 Т/С «СПЛЕТНИЦА»
17.30 СВОБОДЕН
18.30 ВУЗ NEWS
19.00 LOVE МАШИНА
19.30 LIVE IN TELE-CLUB
21.00 Т/С «СПЛЕТНИЦА»
22.00 ХОЧУ МОСКВУ
23.30 Т/С «СЕКС В БОЛЬШОМ ГОРОДЕ»
23.25 Т/С «ДВА С ПОЛОВИНОЙ ЧЕЛОВЕКА»
00.00 КЛИНИКА
00.25 СЛЕДУЮЩИЙ
00.50 ТАЙНЫЕ СОБЛАЗНЫ
01.20 БЕШЕНЫЕ ПРЕДКИ
02.15 ТРЕНДИ
ЦТУ ТВЗ
6.00 МУЛЬТФИЛЬМЫ
6.30 Т/С «АЛЬФ»
7.00 ДОКУМ. ФИЛЬМЫ
10.00 Х/Ф «БОГУС»
12.00 ДАЛЕКО И ЕЩЕ ДАЛЬШЕ
13.00 ГОРОДСКИЕ ЛЕГЕНДЫ
13.30 Х/Ф «ШПИЛЬКИ - 3»
15.30 РАЗРУШИТЕЛИ МИФОВ
16.30 КАК ЭТО СДЕЛАНО
17.00 Т/С «ВОЗДЕЙСТВИЕ»
18.00 ДОКУМ. ФИЛЬМ
19.00 Т/С «МЕНТАЛИСТ»
20.00 Т/С «КОСТИ»
21.00 ЗАГАДКИ ИСТОРИИ
22.00 Х/Ф «ВИДЕНИЕ»
00.00 Т/С «ЧЕРНАЯ МЕТКА»
01.00 Т/С «ВАВИЛОН - 5»
